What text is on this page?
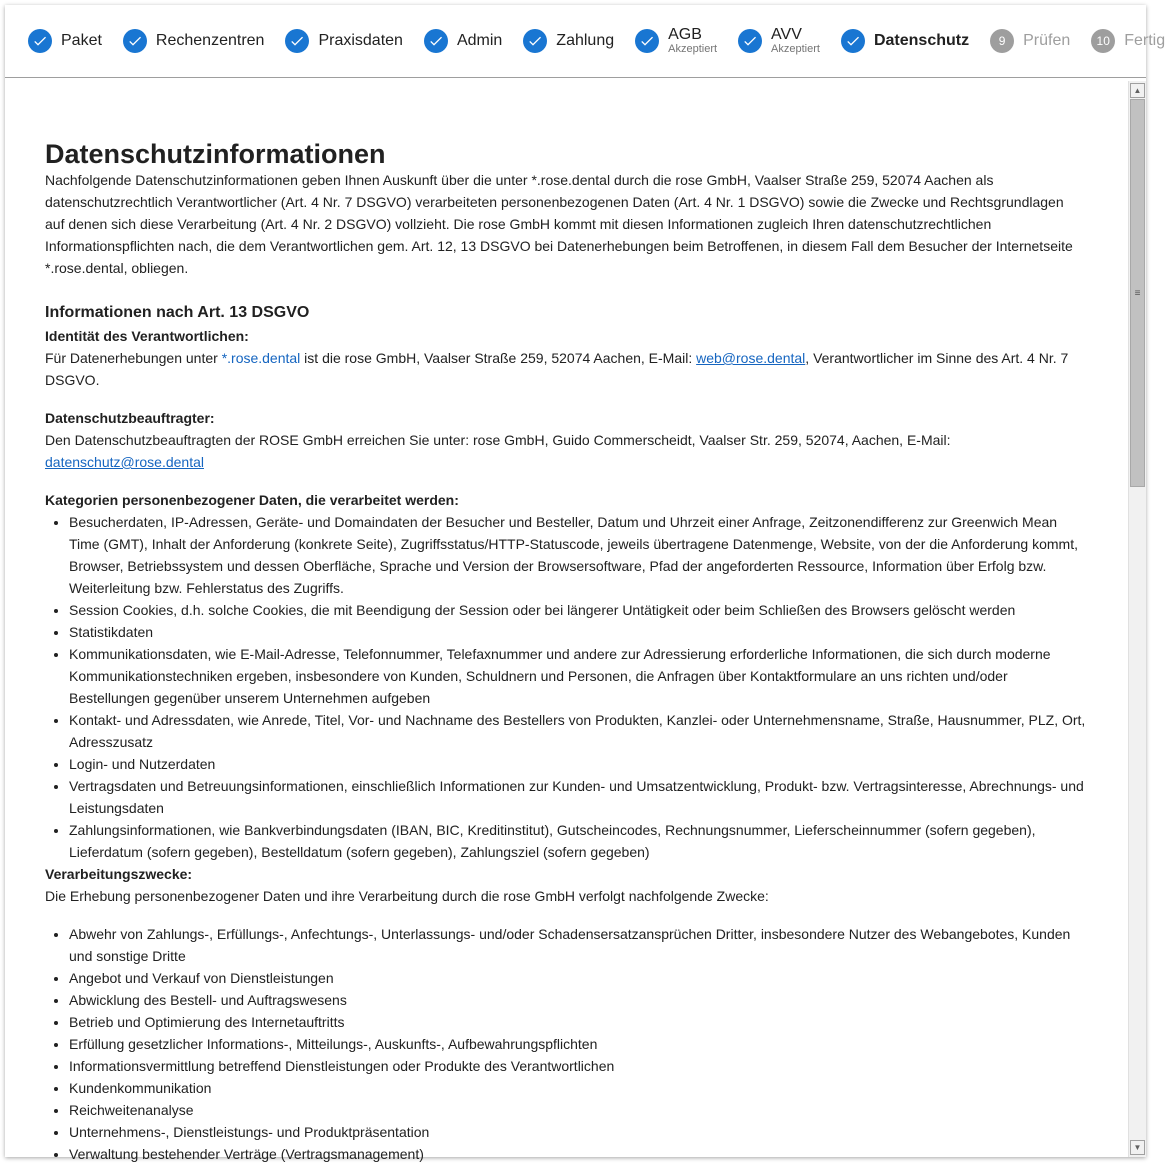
Paket	Rechenzentren	Praxisdaten	Admin	Zahlung	AGB
Akzeptiert
AVV
Akzeptiert	Datenschutz	9	Prüfen	10 Fertig
Datenschutzinformationen

Nachfolgende Datenschutzinformationen geben Ihnen Auskunft über die unter *.rose.dental durch die rose GmbH, Vaalser Straße 259, 52074 Aachen als datenschutzrechtlich Verantwortlicher (Art. 4 Nr. 7 DSGVO) verarbeiteten personenbezogenen Daten (Art. 4 Nr. 1 DSGVO) sowie die Zwecke und Rechtsgrundlagen auf denen sich diese Verarbeitung (Art. 4 Nr. 2 DSGVO) vollzieht. Die rose GmbH kommt mit diesen Informationen zugleich Ihren datenschutzrechtlichen Informationspflichten nach, die dem Verantwortlichen gem. Art. 12, 13 DSGVO bei Datenerhebungen beim Betroffenen, in diesem Fall dem Besucher der Internetseite *.rose.dental, obliegen.

Informationen nach Art. 13 DSGVO

Identität des Verantwortlichen:

Für Datenerhebungen unter *.rose.dental ist die rose GmbH, Vaalser Straße 259, 52074 Aachen, E-Mail: web@rose.dental, Verantwortlicher im Sinne des Art. 4 Nr. 7 DSGVO.

Datenschutzbeauftragter:

Den Datenschutzbeauftragten der ROSE GmbH erreichen Sie unter: rose GmbH, Guido Commerscheidt, Vaalser Str. 259, 52074, Aachen, E-Mail: datenschutz@rose.dental

Kategorien personenbezogener Daten, die verarbeitet werden:

• Besucherdaten, IP-Adressen, Geräte- und Domaindaten der Besucher und Besteller, Datum und Uhrzeit einer Anfrage, Zeitzonendifferenz zur Greenwich Mean Time (GMT), Inhalt der Anforderung (konkrete Seite), Zugriffsstatus/HTTP-Statuscode, jeweils übertragene Datenmenge, Website, von der die Anforderung kommt, Browser, Betriebssystem und dessen Oberfläche, Sprache und Version der Browsersoftware, Pfad der angeforderten Ressource, Information über Erfolg bzw. Weiterleitung bzw. Fehlerstatus des Zugriffs.
• Session Cookies, d.h. solche Cookies, die mit Beendigung der Session oder bei längerer Untätigkeit oder beim Schließen des Browsers gelöscht werden
• Statistikdaten
• Kommunikationsdaten, wie E-Mail-Adresse, Telefonnummer, Telefaxnummer und andere zur Adressierung erforderliche Informationen, die sich durch moderne Kommunikationstechniken ergeben, insbesondere von Kunden, Schuldnern und Personen, die Anfragen über Kontaktformulare an uns richten und/oder Bestellungen gegenüber unserem Unternehmen aufgeben
• Kontakt- und Adressdaten, wie Anrede, Titel, Vor- und Nachname des Bestellers von Produkten, Kanzlei- oder Unternehmensname, Straße, Hausnummer, PLZ, Ort, Adresszusatz
• Login- und Nutzerdaten
• Vertragsdaten und Betreuungsinformationen, einschließlich Informationen zur Kunden- und Umsatzentwicklung, Produkt- bzw. Vertragsinteresse, Abrechnungs- und Leistungsdaten
• Zahlungsinformationen, wie Bankverbindungsdaten (IBAN, BIC, Kreditinstitut), Gutscheincodes, Rechnungsnummer, Lieferscheinnummer (sofern gegeben), Lieferdatum (sofern gegeben), Bestelldatum (sofern gegeben), Zahlungsziel (sofern gegeben)

Verarbeitungszwecke:

Die Erhebung personenbezogener Daten und ihre Verarbeitung durch die rose GmbH verfolgt nachfolgende Zwecke:

• Abwehr von Zahlungs-, Erfüllungs-, Anfechtungs-, Unterlassungs- und/oder Schadensersatzansprüchen Dritter, insbesondere Nutzer des Webangebotes, Kunden und sonstige Dritte
• Angebot und Verkauf von Dienstleistungen
• Abwicklung des Bestell- und Auftragswesens
• Betrieb und Optimierung des Internetauftritts
• Erfüllung gesetzlicher Informations-, Mitteilungs-, Auskunfts-, Aufbewahrungspflichten
• Informationsvermittlung betreffend Dienstleistungen oder Produkte des Verantwortlichen
• Kundenkommunikation
• Reichweitenanalyse
• Unternehmens-, Dienstleistungs- und Produktpräsentation
• Verwaltung bestehender Verträge (Vertragsmanagement)
▲
≡
▼
